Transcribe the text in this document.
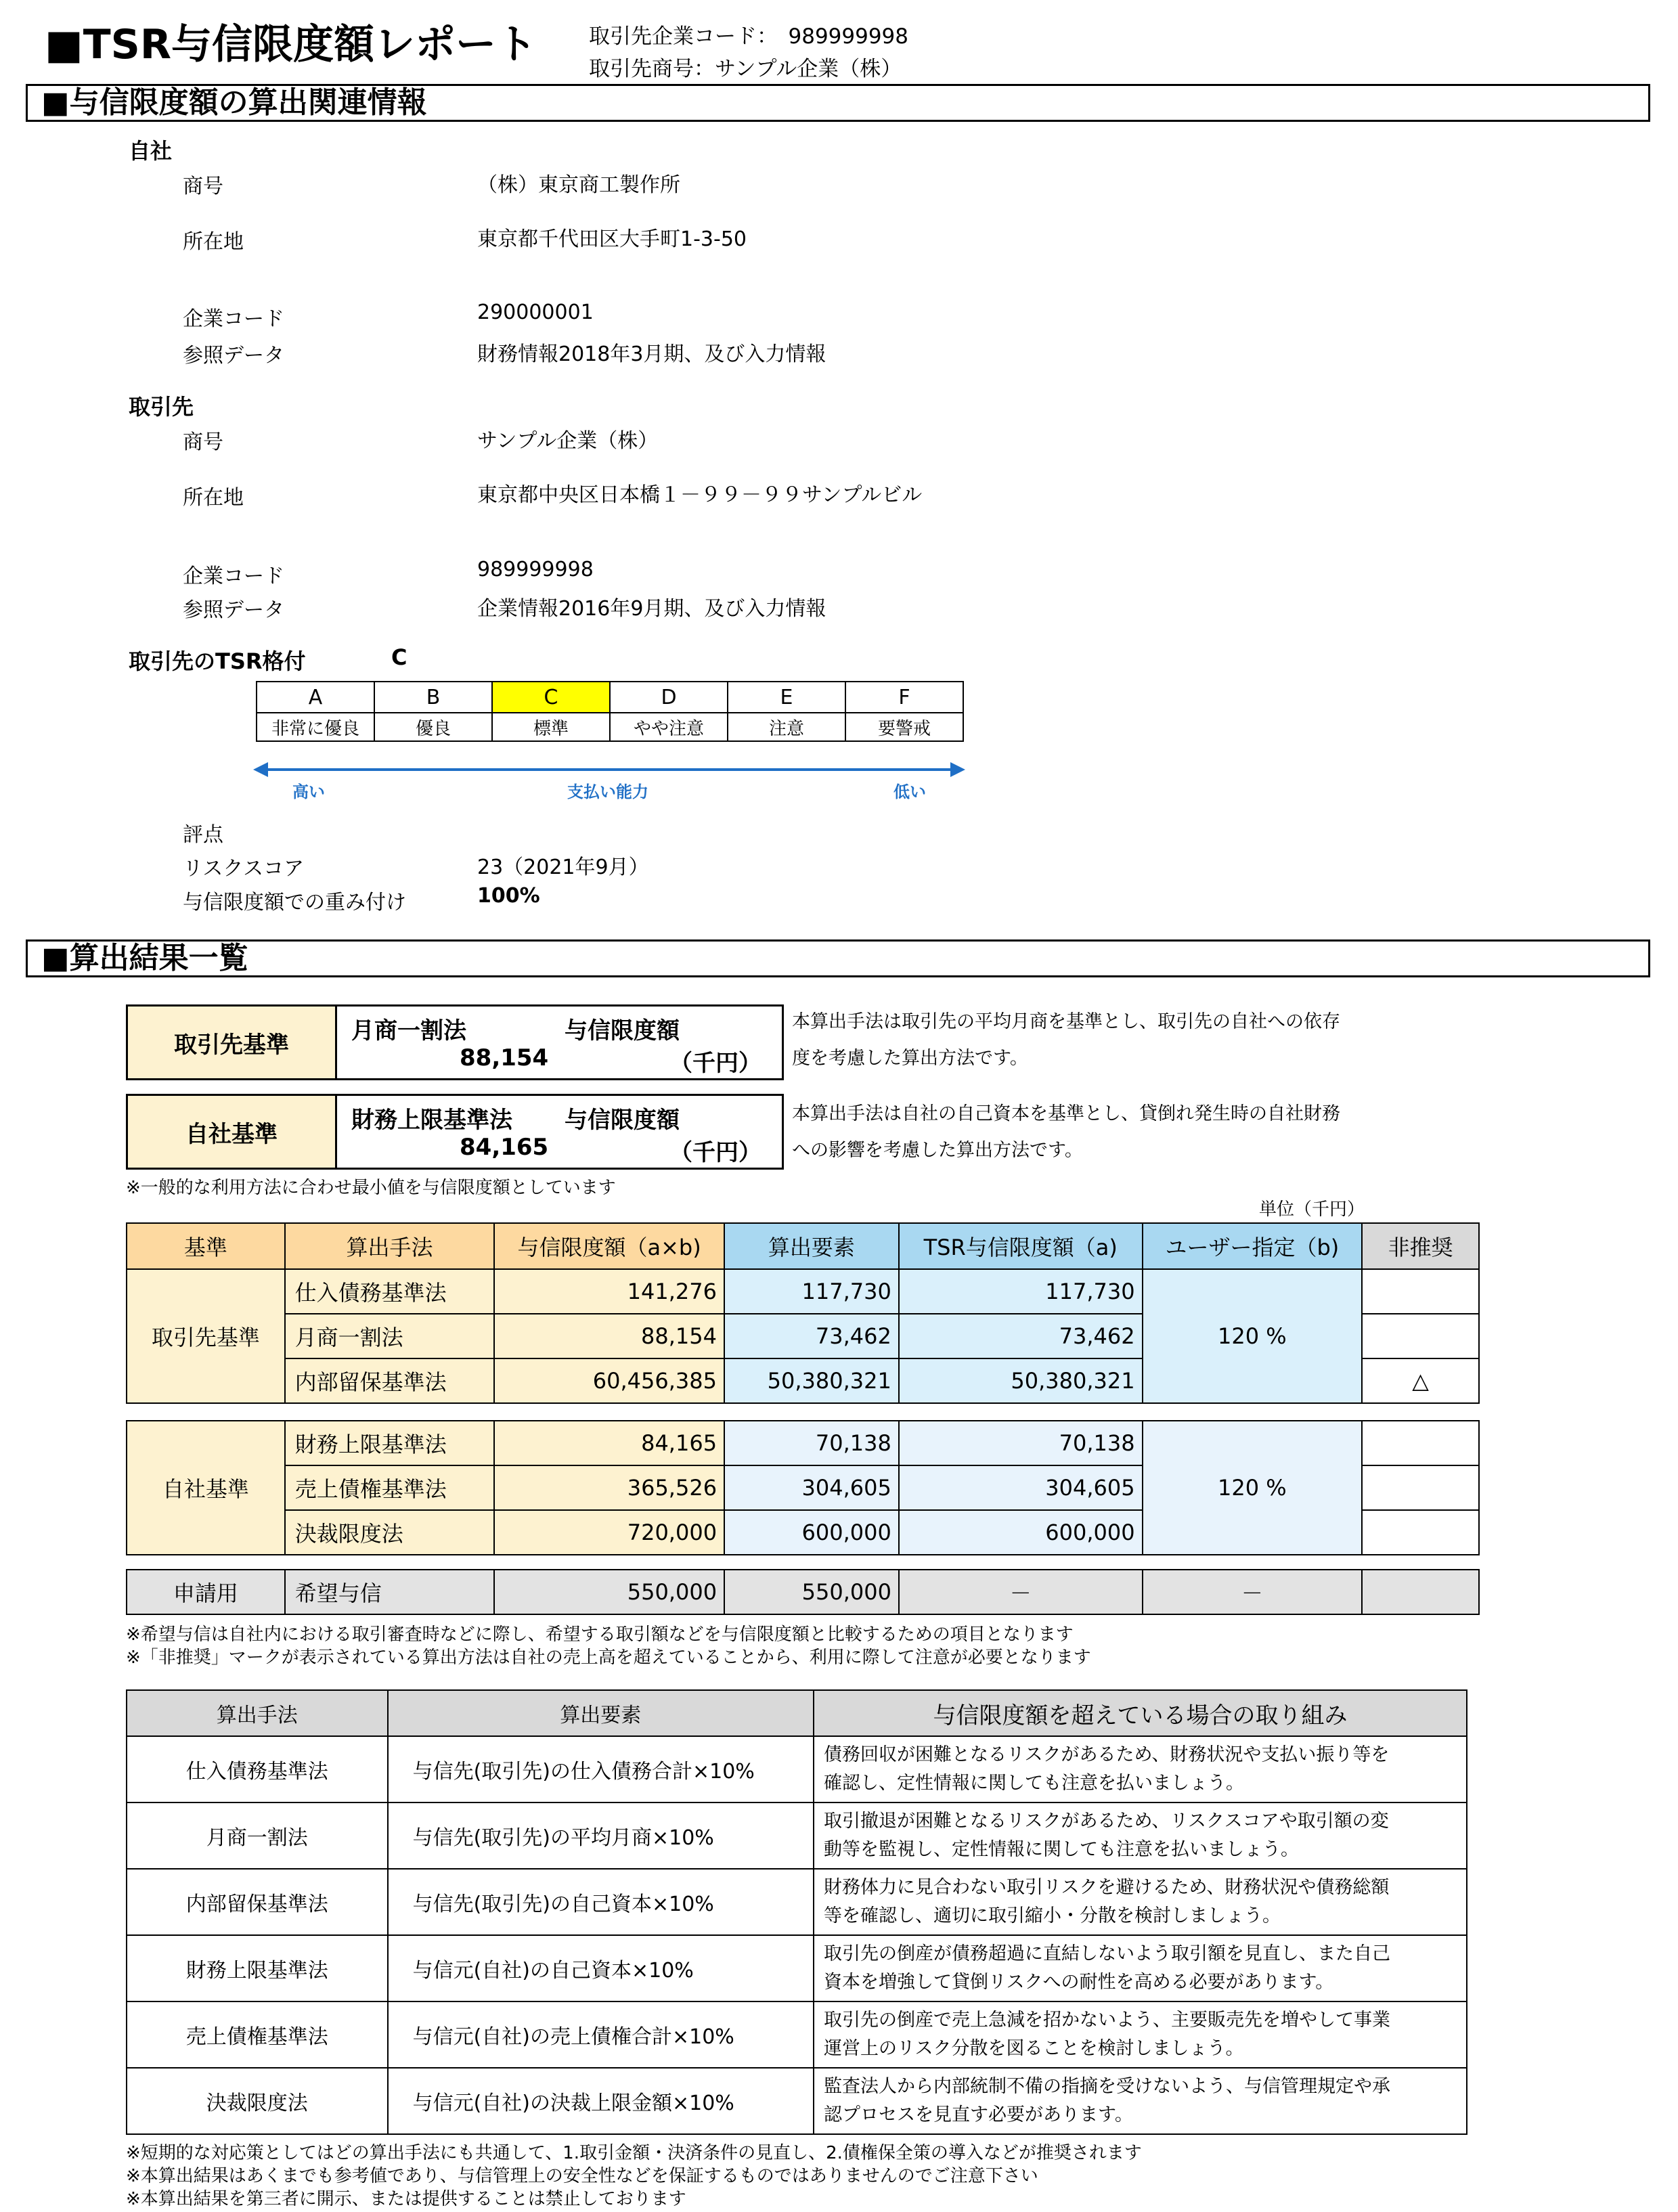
■TSR与信限度額レポート 取引先企業コード：　989999998
取引先商号：サンプル企業（株）
■与信限度額の算出関連情報
自社
商号	（株）東京商工製作所
所在地	東京都千代田区大手町1-3-50
企業コード	290000001
参照データ	財務情報2018年3月期、及び入力情報
取引先
商号	サンプル企業（株）
所在地	東京都中央区日本橋１－９９－９９サンプルビル
企業コード	989999998
参照データ	企業情報2016年9月期、及び入力情報
取引先のTSR格付	C
A	B	C	D	E	F
非常に優良	優良	標準	やや注意	注意	要警戒
高い	支払い能力	低い
評点
リスクスコア	23（2021年9月）
与信限度額での重み付け	100%
■算出結果一覧
取引先基準
月商一割法	与信限度額
88,154	（千円）
本算出手法は取引先の平均月商を基準とし、取引先の自社への依存
度を考慮した算出方法です。
自社基準
財務上限基準法 与信限度額
84,165	（千円）
本算出手法は自社の自己資本を基準とし、貸倒れ発生時の自社財務
への影響を考慮した算出方法です。
※一般的な利用方法に合わせ最小値を与信限度額としています
単位（千円）
基準	算出手法	与信限度額（a×b)	算出要素	TSR与信限度額（a)	ユーザー指定（b)	非推奨
取引先基準	仕入債務基準法	141,276	117,730	117,730	120 %	
	月商一割法	88,154	73,462	73,462		
	内部留保基準法	60,456,385	50,380,321	50,380,321		△
自社基準	財務上限基準法	84,165	70,138	70,138	120 %	
	売上債権基準法	365,526	304,605	304,605		
	決裁限度法	720,000	600,000	600,000		
申請用	希望与信	550,000	550,000	－	－	
※希望与信は自社内における取引審査時などに際し、希望する取引額などを与信限度額と比較するための項目となります
※「非推奨」マークが表示されている算出方法は自社の売上高を超えていることから、利用に際して注意が必要となります
算出手法	算出要素	与信限度額を超えている場合の取り組み
仕入債務基準法	与信先(取引先)の仕入債務合計×10%	債務回収が困難となるリスクがあるため、財務状況や支払い振り等を
確認し、定性情報に関しても注意を払いましょう。

月商一割法	与信先(取引先)の平均月商×10%	取引撤退が困難となるリスクがあるため、リスクスコアや取引額の変
動等を監視し、定性情報に関しても注意を払いましょう。

内部留保基準法	与信先(取引先)の自己資本×10%	財務体力に見合わない取引リスクを避けるため、財務状況や債務総額
等を確認し、適切に取引縮小・分散を検討しましょう。

財務上限基準法	与信元(自社)の自己資本×10%	取引先の倒産が債務超過に直結しないよう取引額を見直し、また自己
資本を増強して貸倒リスクへの耐性を高める必要があります。

売上債権基準法	与信元(自社)の売上債権合計×10%	取引先の倒産で売上急減を招かないよう、主要販売先を増やして事業
運営上のリスク分散を図ることを検討しましょう。

決裁限度法	与信元(自社)の決裁上限金額×10%	監査法人から内部統制不備の指摘を受けないよう、与信管理規定や承
認プロセスを見直す必要があります。
※短期的な対応策としてはどの算出手法にも共通して、1.取引金額・決済条件の見直し、2.債権保全策の導入などが推奨されます
※本算出結果はあくまでも参考値であり、与信管理上の安全性などを保証するものではありませんのでご注意下さい
※本算出結果を第三者に開示、または提供することは禁止しております
